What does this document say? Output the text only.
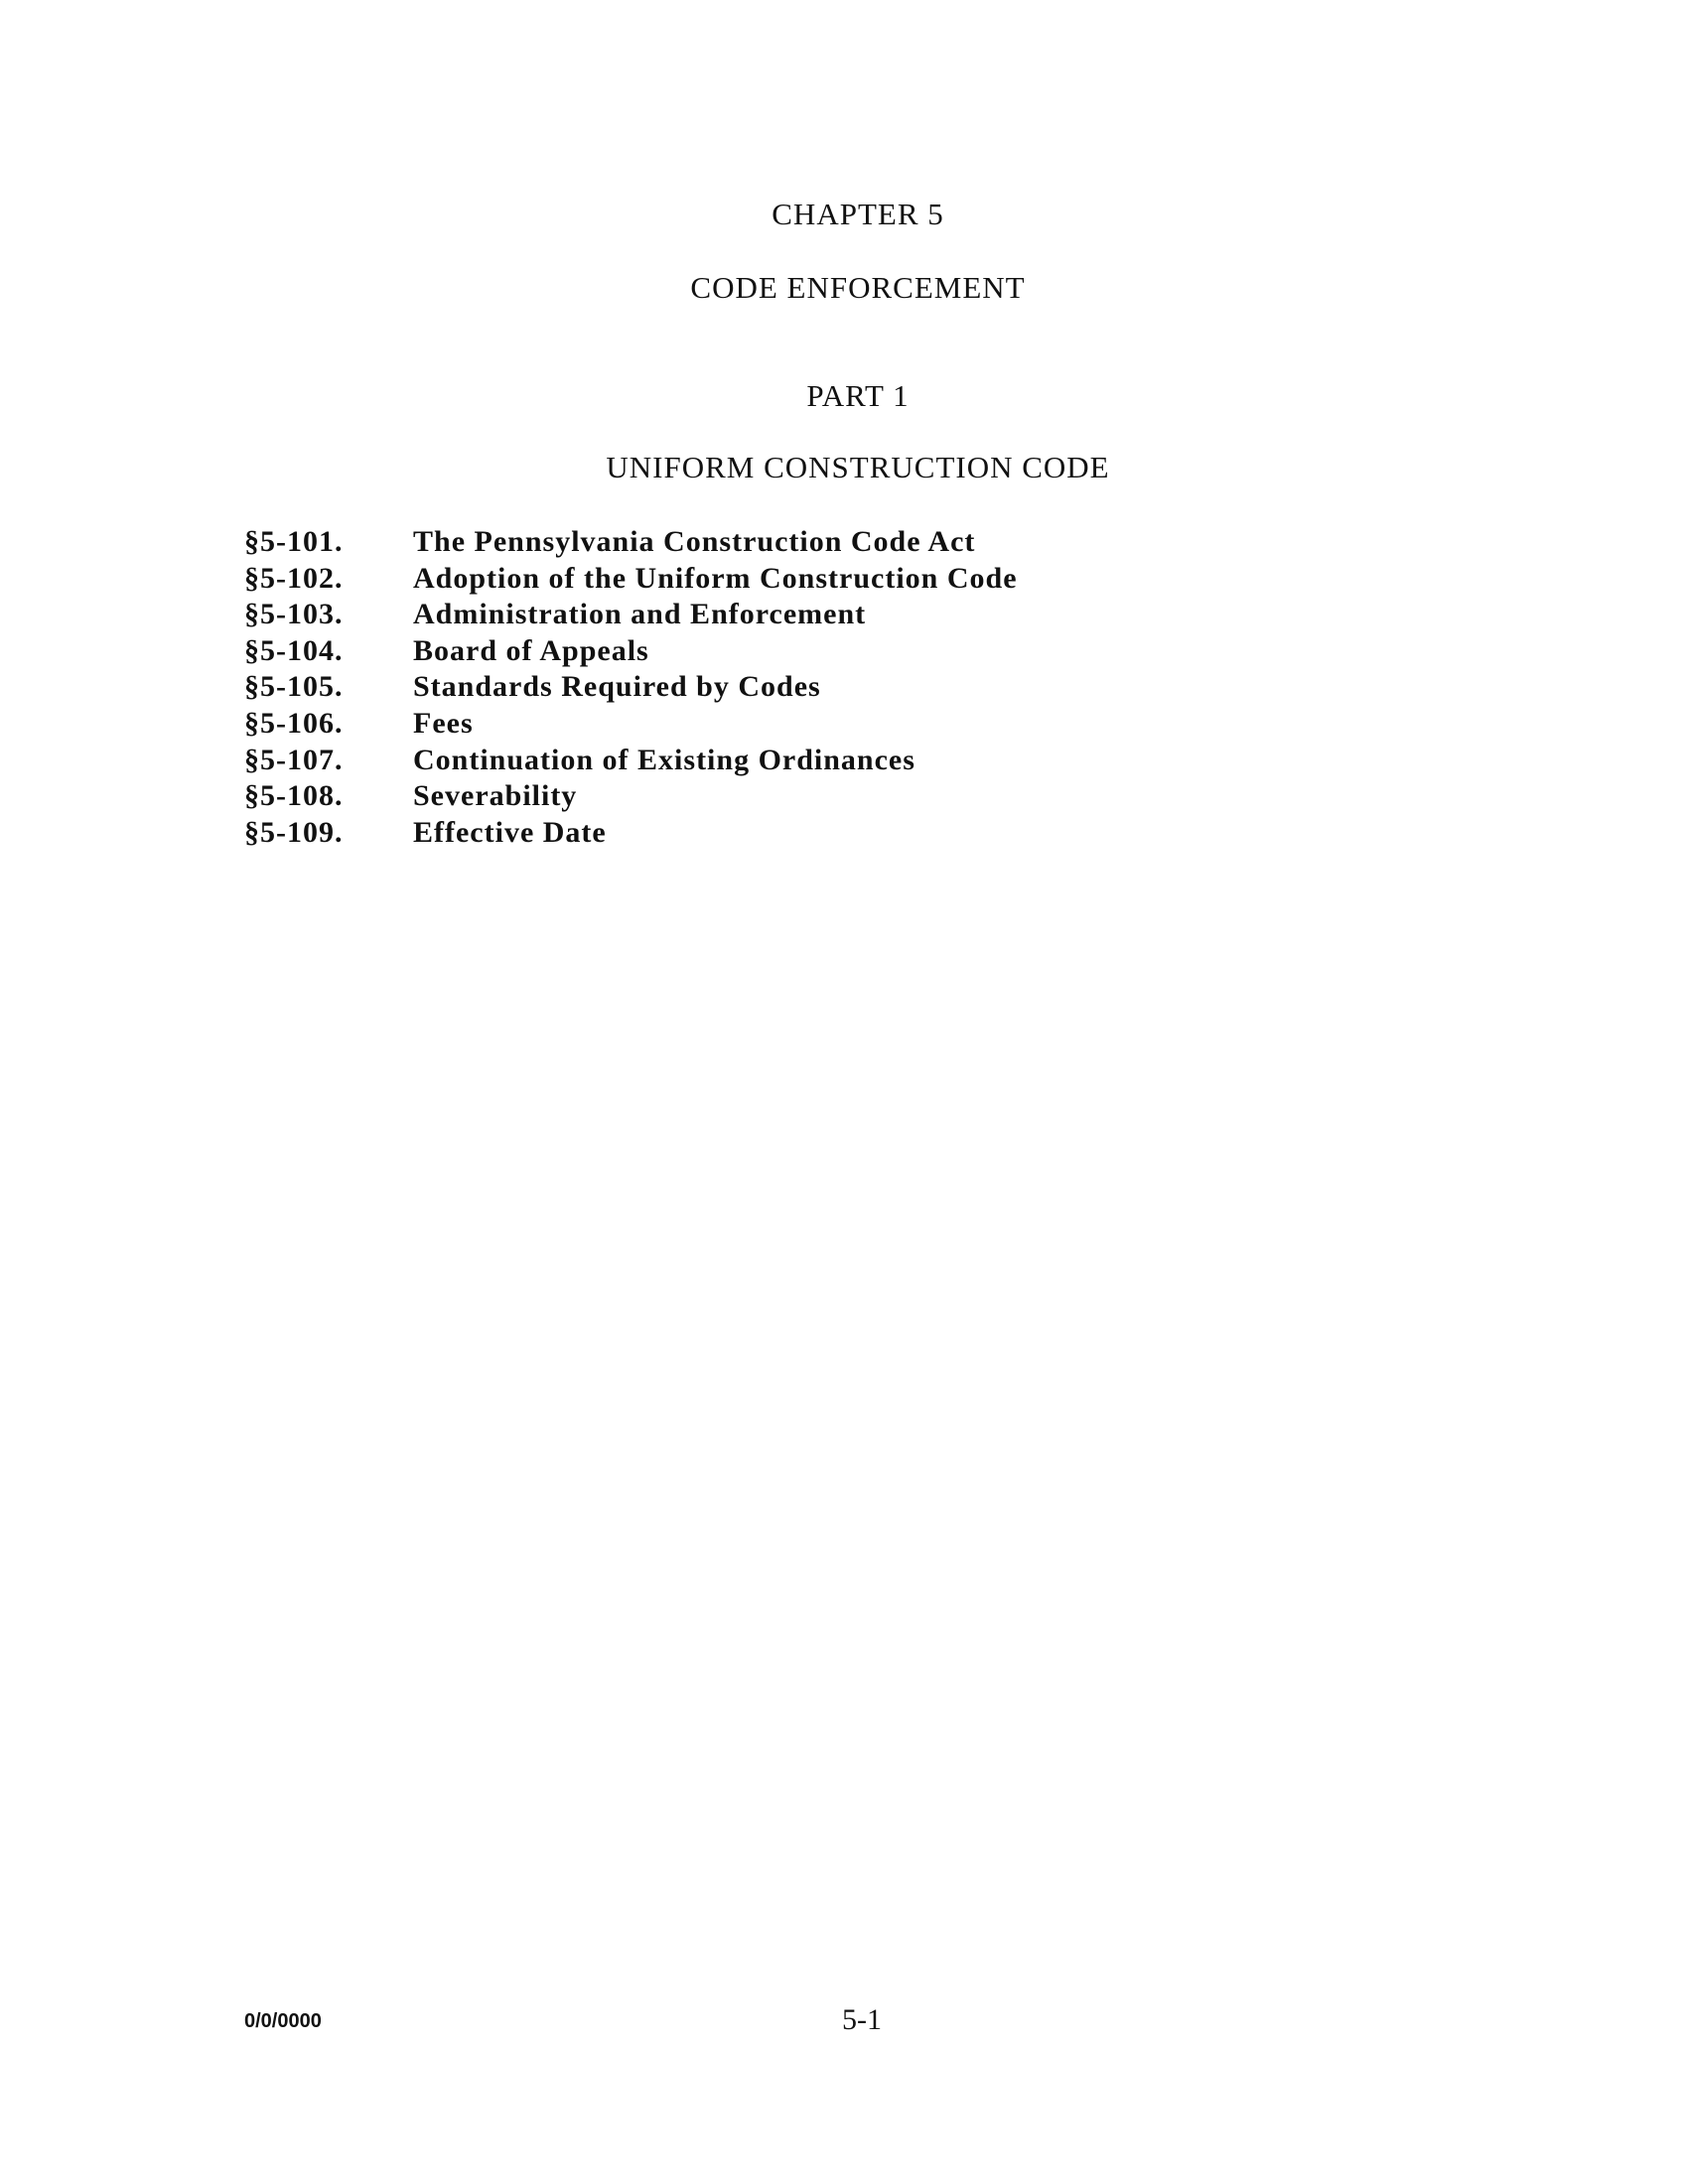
CHAPTER 5
CODE ENFORCEMENT
PART 1
UNIFORM CONSTRUCTION CODE
§5-101.	The Pennsylvania Construction Code Act
§5-102.	Adoption of the Uniform Construction Code
§5-103.	Administration and Enforcement
§5-104.	Board of Appeals
§5-105.	Standards Required by Codes
§5-106.	Fees
§5-107.	Continuation of Existing Ordinances
§5-108.	Severability
§5-109.	Effective Date
0/0/0000	5-1
